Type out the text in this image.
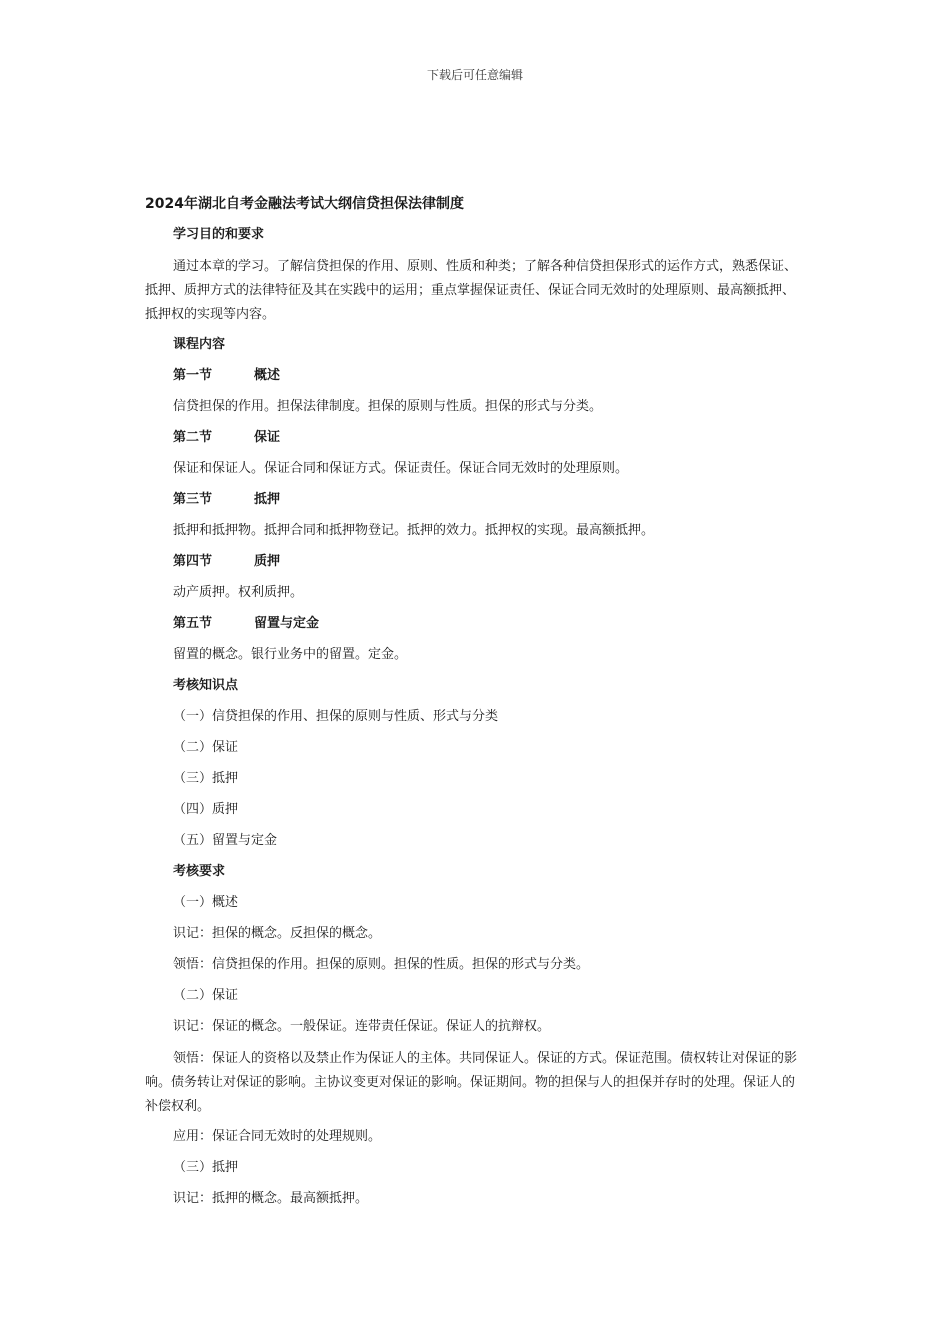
下载后可任意编辑
2024年湖北自考金融法考试大纲信贷担保法律制度
学习目的和要求
通过本章的学习。了解信贷担保的作用、原则、性质和种类；了解各种信贷担保形式的运作方式，熟悉保证、抵押、质押方式的法律特征及其在实践中的运用；重点掌握保证责任、保证合同无效时的处理原则、最高额抵押、抵押权的实现等内容。
课程内容
第一节	概述
信贷担保的作用。担保法律制度。担保的原则与性质。担保的形式与分类。
第二节	保证
保证和保证人。保证合同和保证方式。保证责任。保证合同无效时的处理原则。
第三节	抵押
抵押和抵押物。抵押合同和抵押物登记。抵押的效力。抵押权的实现。最高额抵押。
第四节	质押
动产质押。权利质押。
第五节	留置与定金
留置的概念。银行业务中的留置。定金。
考核知识点
（一）信贷担保的作用、担保的原则与性质、形式与分类
（二）保证
（三）抵押
（四）质押
（五）留置与定金
考核要求
（一）概述
识记：担保的概念。反担保的概念。
领悟：信贷担保的作用。担保的原则。担保的性质。担保的形式与分类。
（二）保证
识记：保证的概念。一般保证。连带责任保证。保证人的抗辩权。
领悟：保证人的资格以及禁止作为保证人的主体。共同保证人。保证的方式。保证范围。债权转让对保证的影响。债务转让对保证的影响。主协议变更对保证的影响。保证期间。物的担保与人的担保并存时的处理。保证人的补偿权利。
应用：保证合同无效时的处理规则。
（三）抵押
识记：抵押的概念。最高额抵押。
